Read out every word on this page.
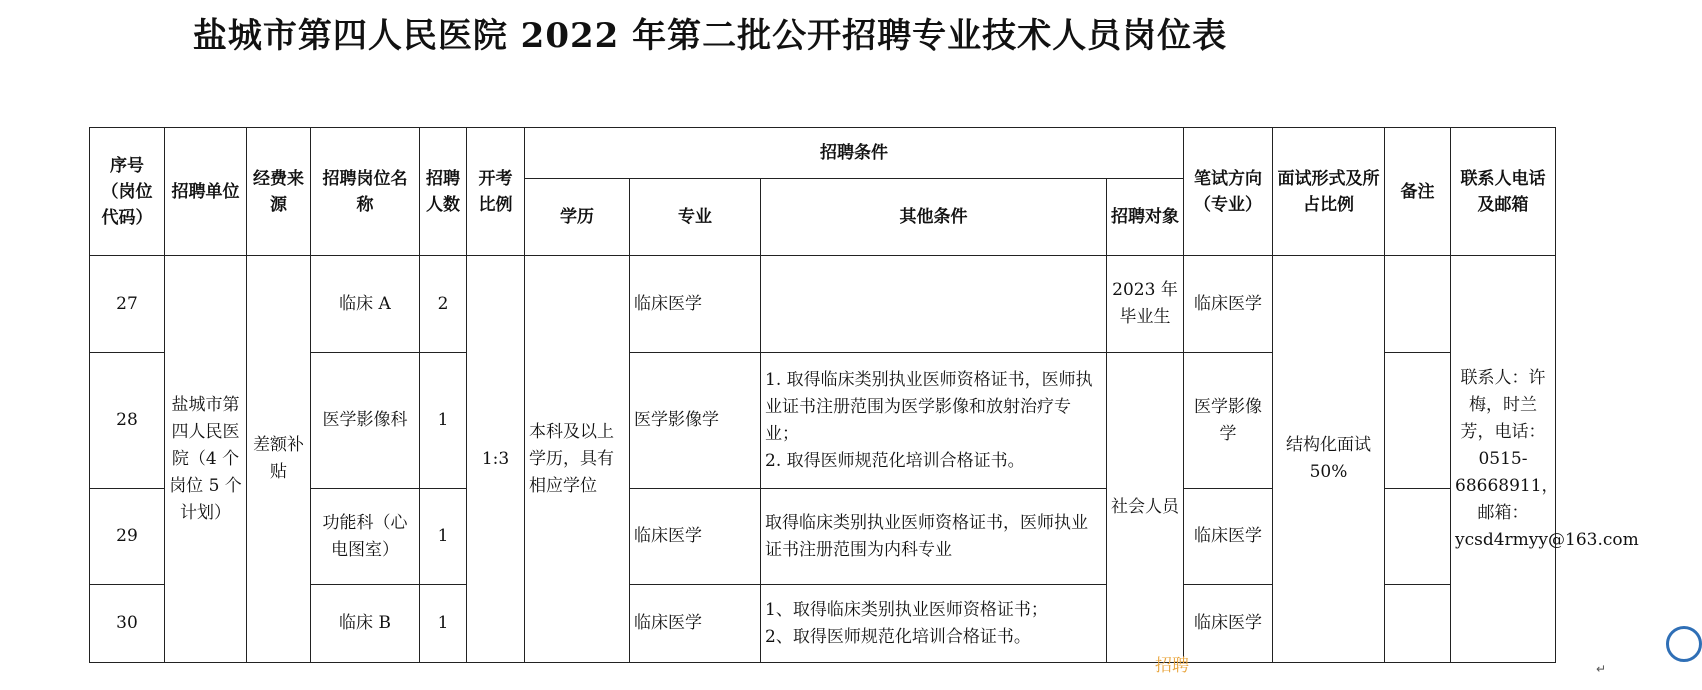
盐城市第四人民医院 2022 年第二批公开招聘专业技术人员岗位表
序号（岗位代码）	招聘单位	经费来源	招聘岗位名称	招聘人数	开考比例	招聘条件				笔试方向（专业）	面试形式及所占比例	备注	联系人电话及邮箱
						学历	专业	其他条件	招聘对象				
27	盐城市第四人民医院（4 个岗位 5 个计划）	差额补贴	临床 A	2	1:3	本科及以上学历，具有相应学位	临床医学		2023 年毕业生	临床医学	结构化面试 50%		联系人：许梅，时兰芳，电话：0515-68668911，邮箱：ycsd4rmyy@163.com
28			医学影像科	1			医学影像学	1. 取得临床类别执业医师资格证书，医师执业证书注册范围为医学影像和放射治疗专业；
2. 取得医师规范化培训合格证书。	社会人员	医学影像学			
29			功能科（心电图室）	1			临床医学	取得临床类别执业医师资格证书，医师执业证书注册范围为内科专业		临床医学			
30			临床 B	1			临床医学	1、取得临床类别执业医师资格证书；
2、取得医师规范化培训合格证书。		临床医学			
招聘	↵
